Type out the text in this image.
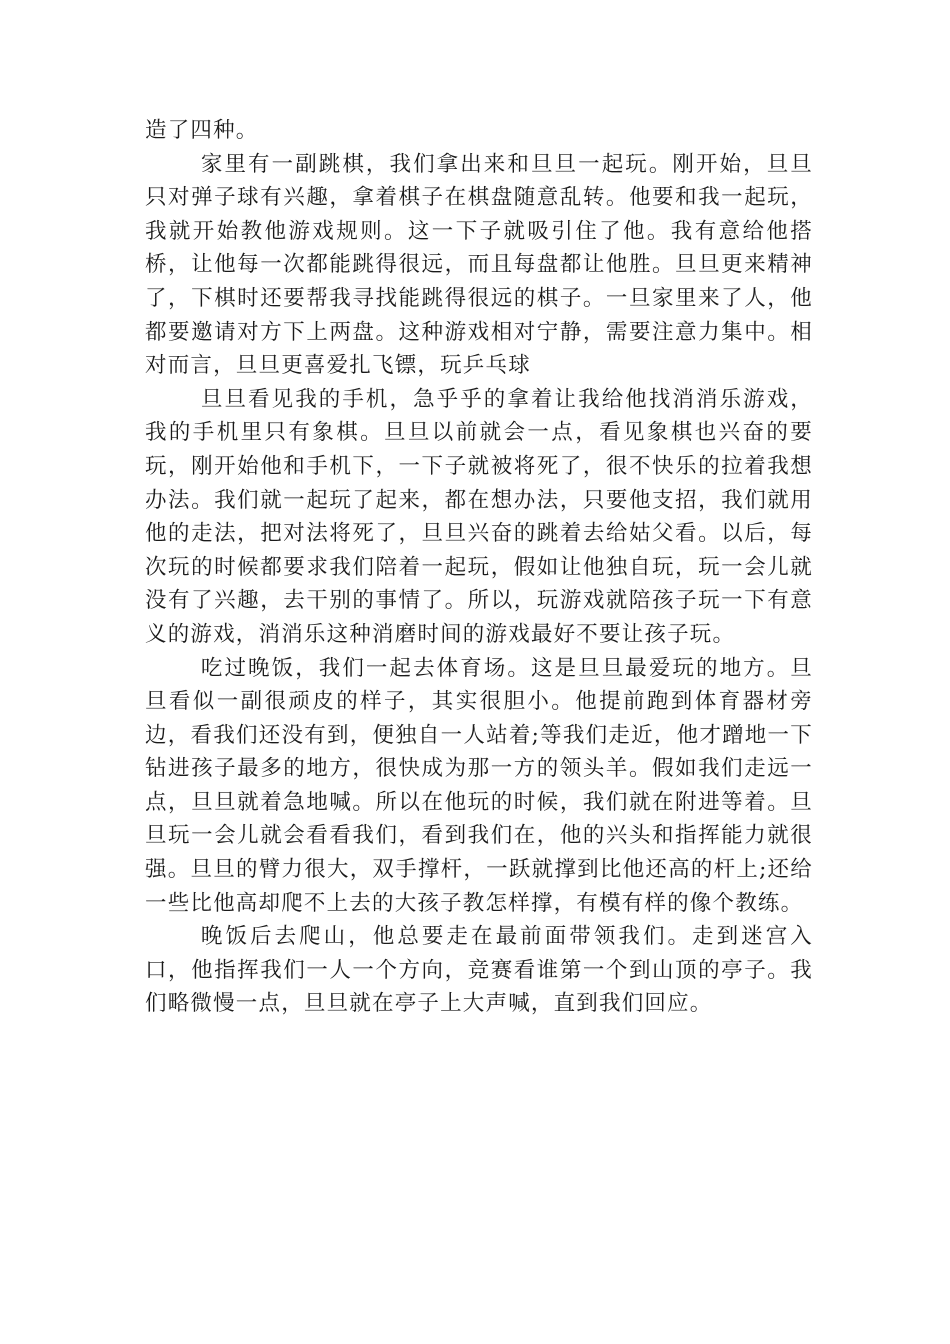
造了四种。

家里有一副跳棋，我们拿出来和旦旦一起玩。刚开始，旦旦只对弹子球有兴趣，拿着棋子在棋盘随意乱转。他要和我一起玩，我就开始教他游戏规则。这一下子就吸引住了他。我有意给他搭桥，让他每一次都能跳得很远，而且每盘都让他胜。旦旦更来精神了，下棋时还要帮我寻找能跳得很远的棋子。一旦家里来了人，他都要邀请对方下上两盘。这种游戏相对宁静，需要注意力集中。相对而言，旦旦更喜爱扎飞镖，玩乒乓球

旦旦看见我的手机，急乎乎的拿着让我给他找消消乐游戏，我的手机里只有象棋。旦旦以前就会一点，看见象棋也兴奋的要玩，刚开始他和手机下，一下子就被将死了，很不快乐的拉着我想办法。我们就一起玩了起来，都在想办法，只要他支招，我们就用他的走法，把对法将死了，旦旦兴奋的跳着去给姑父看。以后，每次玩的时候都要求我们陪着一起玩，假如让他独自玩，玩一会儿就没有了兴趣，去干别的事情了。所以，玩游戏就陪孩子玩一下有意义的游戏，消消乐这种消磨时间的游戏最好不要让孩子玩。

吃过晚饭，我们一起去体育场。这是旦旦最爱玩的地方。旦旦看似一副很顽皮的样子，其实很胆小。他提前跑到体育器材旁边，看我们还没有到，便独自一人站着;等我们走近，他才蹭地一下钻进孩子最多的地方，很快成为那一方的领头羊。假如我们走远一点，旦旦就着急地喊。所以在他玩的时候，我们就在附进等着。旦旦玩一会儿就会看看我们，看到我们在，他的兴头和指挥能力就很强。旦旦的臂力很大，双手撑杆，一跃就撑到比他还高的杆上;还给一些比他高却爬不上去的大孩子教怎样撑，有模有样的像个教练。

晚饭后去爬山，他总要走在最前面带领我们。走到迷宫入口，他指挥我们一人一个方向，竞赛看谁第一个到山顶的亭子。我们略微慢一点，旦旦就在亭子上大声喊，直到我们回应。
